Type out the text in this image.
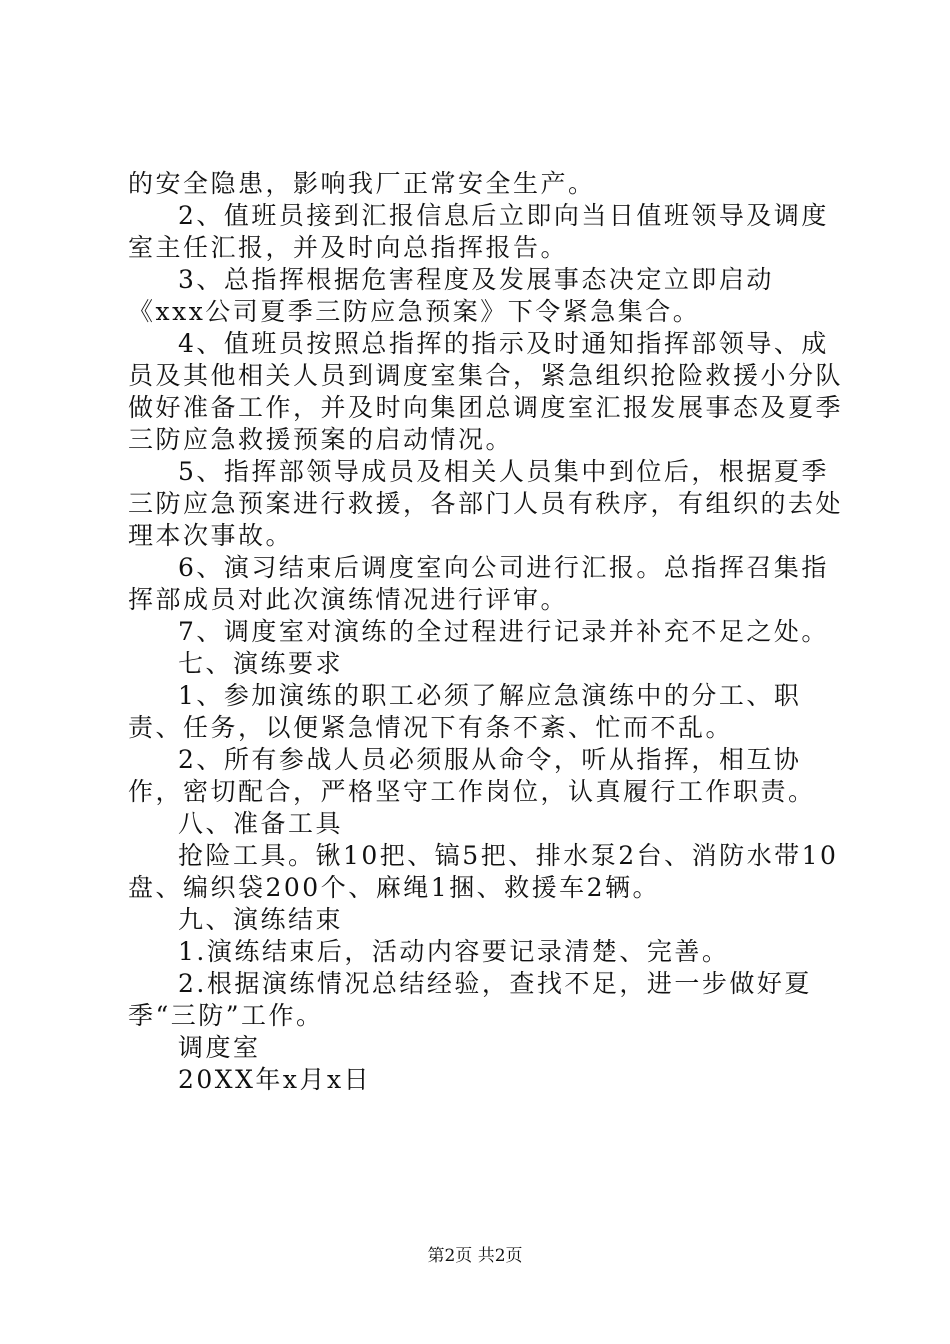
的安全隐患，影响我厂正常安全生产。

2、值班员接到汇报信息后立即向当日值班领导及调度室主任汇报，并及时向总指挥报告。

3、总指挥根据危害程度及发展事态决定立即启动《xxx公司夏季三防应急预案》下令紧急集合。

4、值班员按照总指挥的指示及时通知指挥部领导、成员及其他相关人员到调度室集合，紧急组织抢险救援小分队做好准备工作，并及时向集团总调度室汇报发展事态及夏季三防应急救援预案的启动情况。

5、指挥部领导成员及相关人员集中到位后，根据夏季三防应急预案进行救援，各部门人员有秩序，有组织的去处理本次事故。

6、演习结束后调度室向公司进行汇报。总指挥召集指挥部成员对此次演练情况进行评审。

7、调度室对演练的全过程进行记录并补充不足之处。

七、演练要求

1、参加演练的职工必须了解应急演练中的分工、职责、任务，以便紧急情况下有条不紊、忙而不乱。

2、所有参战人员必须服从命令，听从指挥，相互协作，密切配合，严格坚守工作岗位，认真履行工作职责。

八、准备工具

抢险工具。锹10把、镐5把、排水泵2台、消防水带10盘、编织袋200个、麻绳1捆、救援车2辆。

九、演练结束

1.演练结束后，活动内容要记录清楚、完善。

2.根据演练情况总结经验，查找不足，进一步做好夏季“三防”工作。

调度室

20XX年x月x日

第2页 共2页
